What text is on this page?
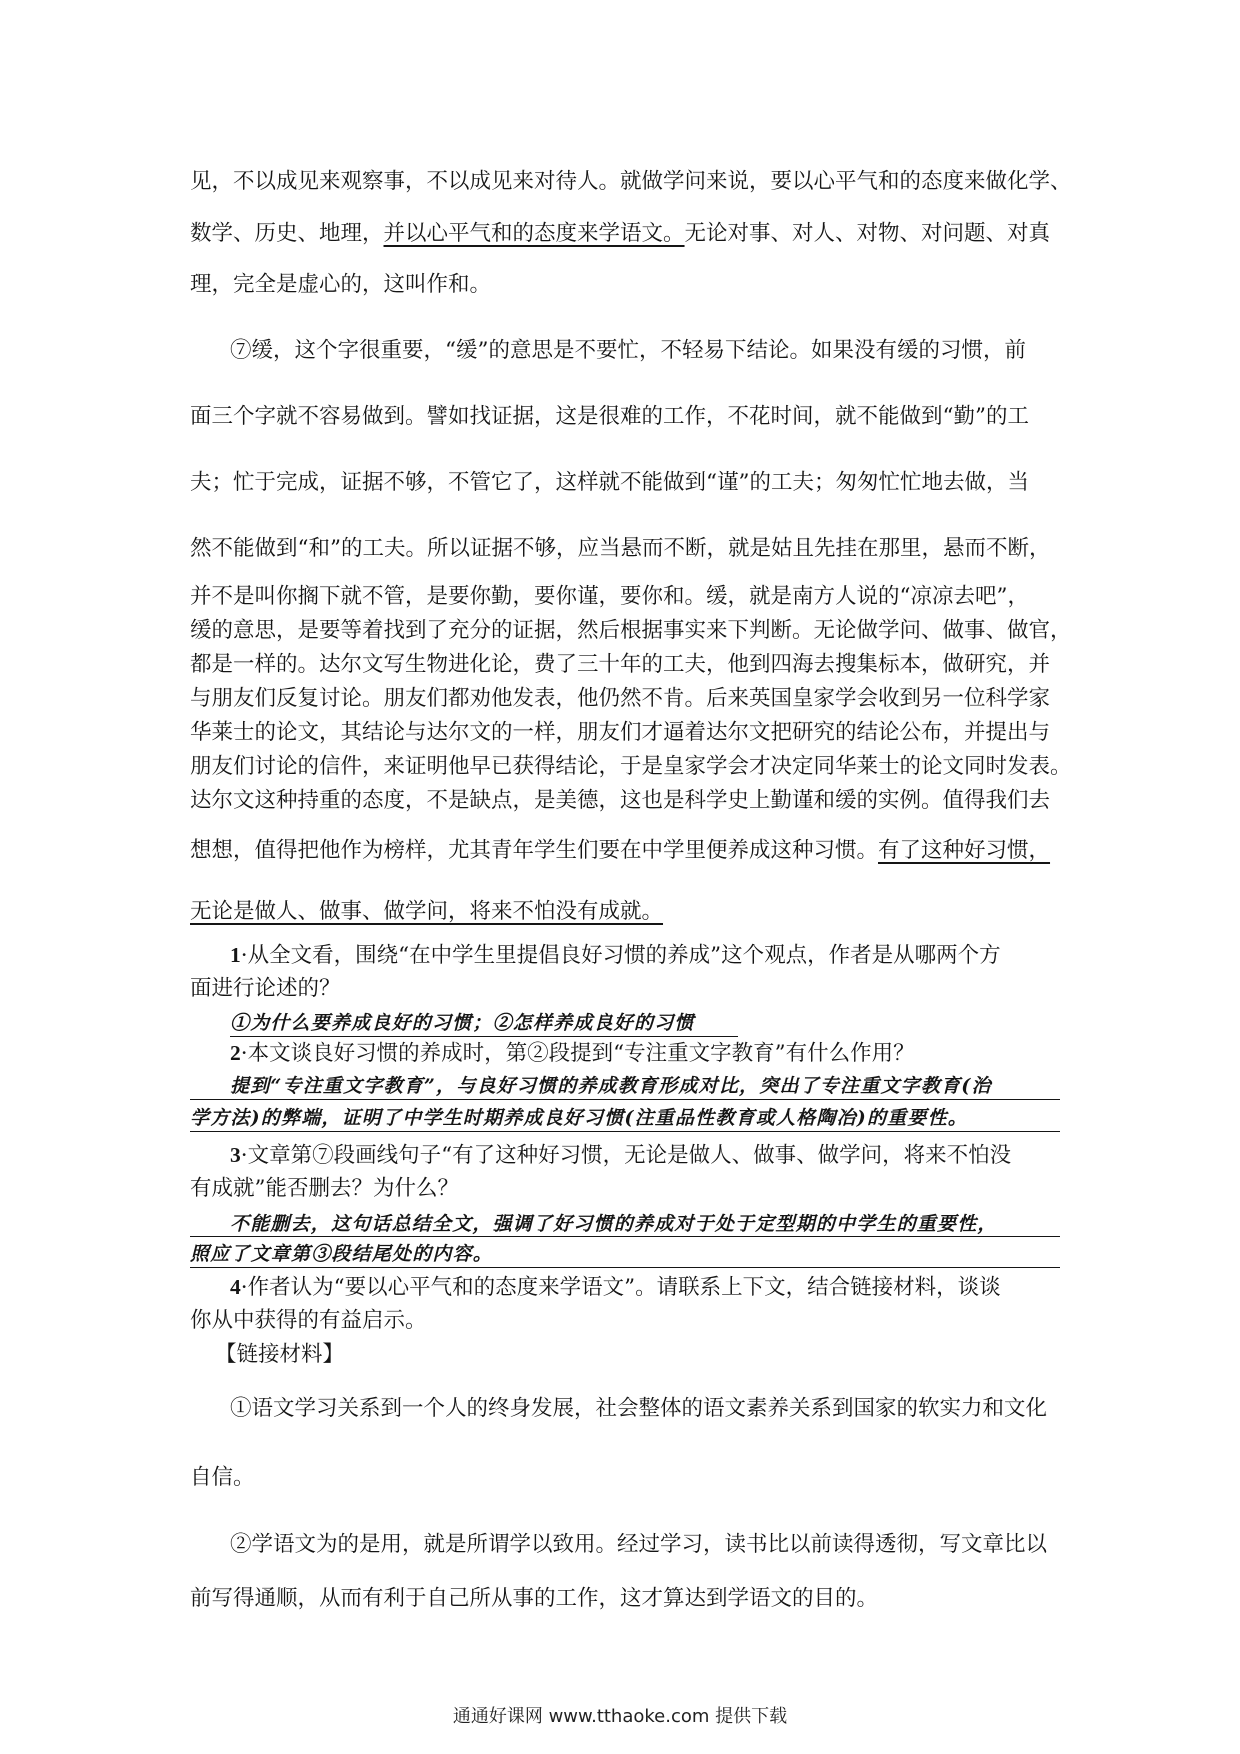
见，不以成见来观察事，不以成见来对待人。就做学问来说，要以心平气和的态度来做化学、
数学、历史、地理，并以心平气和的态度来学语文。无论对事、对人、对物、对问题、对真
理，完全是虚心的，这叫作和。
⑦缓，这个字很重要，“缓”的意思是不要忙，不轻易下结论。如果没有缓的习惯，前
面三个字就不容易做到。譬如找证据，这是很难的工作，不花时间，就不能做到“勤”的工
夫；忙于完成，证据不够，不管它了，这样就不能做到“谨”的工夫；匆匆忙忙地去做，当
然不能做到“和”的工夫。所以证据不够，应当悬而不断，就是姑且先挂在那里，悬而不断，
并不是叫你搁下就不管，是要你勤，要你谨，要你和。缓，就是南方人说的“凉凉去吧”，
缓的意思，是要等着找到了充分的证据，然后根据事实来下判断。无论做学问、做事、做官，
都是一样的。达尔文写生物进化论，费了三十年的工夫，他到四海去搜集标本，做研究，并
与朋友们反复讨论。朋友们都劝他发表，他仍然不肯。后来英国皇家学会收到另一位科学家
华莱士的论文，其结论与达尔文的一样，朋友们才逼着达尔文把研究的结论公布，并提出与
朋友们讨论的信件，来证明他早已获得结论，于是皇家学会才决定同华莱士的论文同时发表。
达尔文这种持重的态度，不是缺点，是美德，这也是科学史上勤谨和缓的实例。值得我们去
想想，值得把他作为榜样，尤其青年学生们要在中学里便养成这种习惯。有了这种好习惯，
无论是做人、做事、做学问，将来不怕没有成就。
1·从全文看，围绕“在中学生里提倡良好习惯的养成”这个观点，作者是从哪两个方
面进行论述的？
①为什么要养成良好的习惯；②怎样养成良好的习惯
2·本文谈良好习惯的养成时，第②段提到“专注重文字教育”有什么作用？
提到“专注重文字教育”，与良好习惯的养成教育形成对比，突出了专注重文字教育(治
学方法)的弊端，证明了中学生时期养成良好习惯(注重品性教育或人格陶冶)的重要性。
3·文章第⑦段画线句子“有了这种好习惯，无论是做人、做事、做学问，将来不怕没
有成就”能否删去？为什么？
不能删去，这句话总结全文，强调了好习惯的养成对于处于定型期的中学生的重要性，
照应了文章第③段结尾处的内容。
4·作者认为“要以心平气和的态度来学语文”。请联系上下文，结合链接材料，谈谈
你从中获得的有益启示。
【链接材料】
①语文学习关系到一个人的终身发展，社会整体的语文素养关系到国家的软实力和文化
自信。
②学语文为的是用，就是所谓学以致用。经过学习，读书比以前读得透彻，写文章比以
前写得通顺，从而有利于自己所从事的工作，这才算达到学语文的目的。
通通好课网 www.tthaoke.com 提供下载
